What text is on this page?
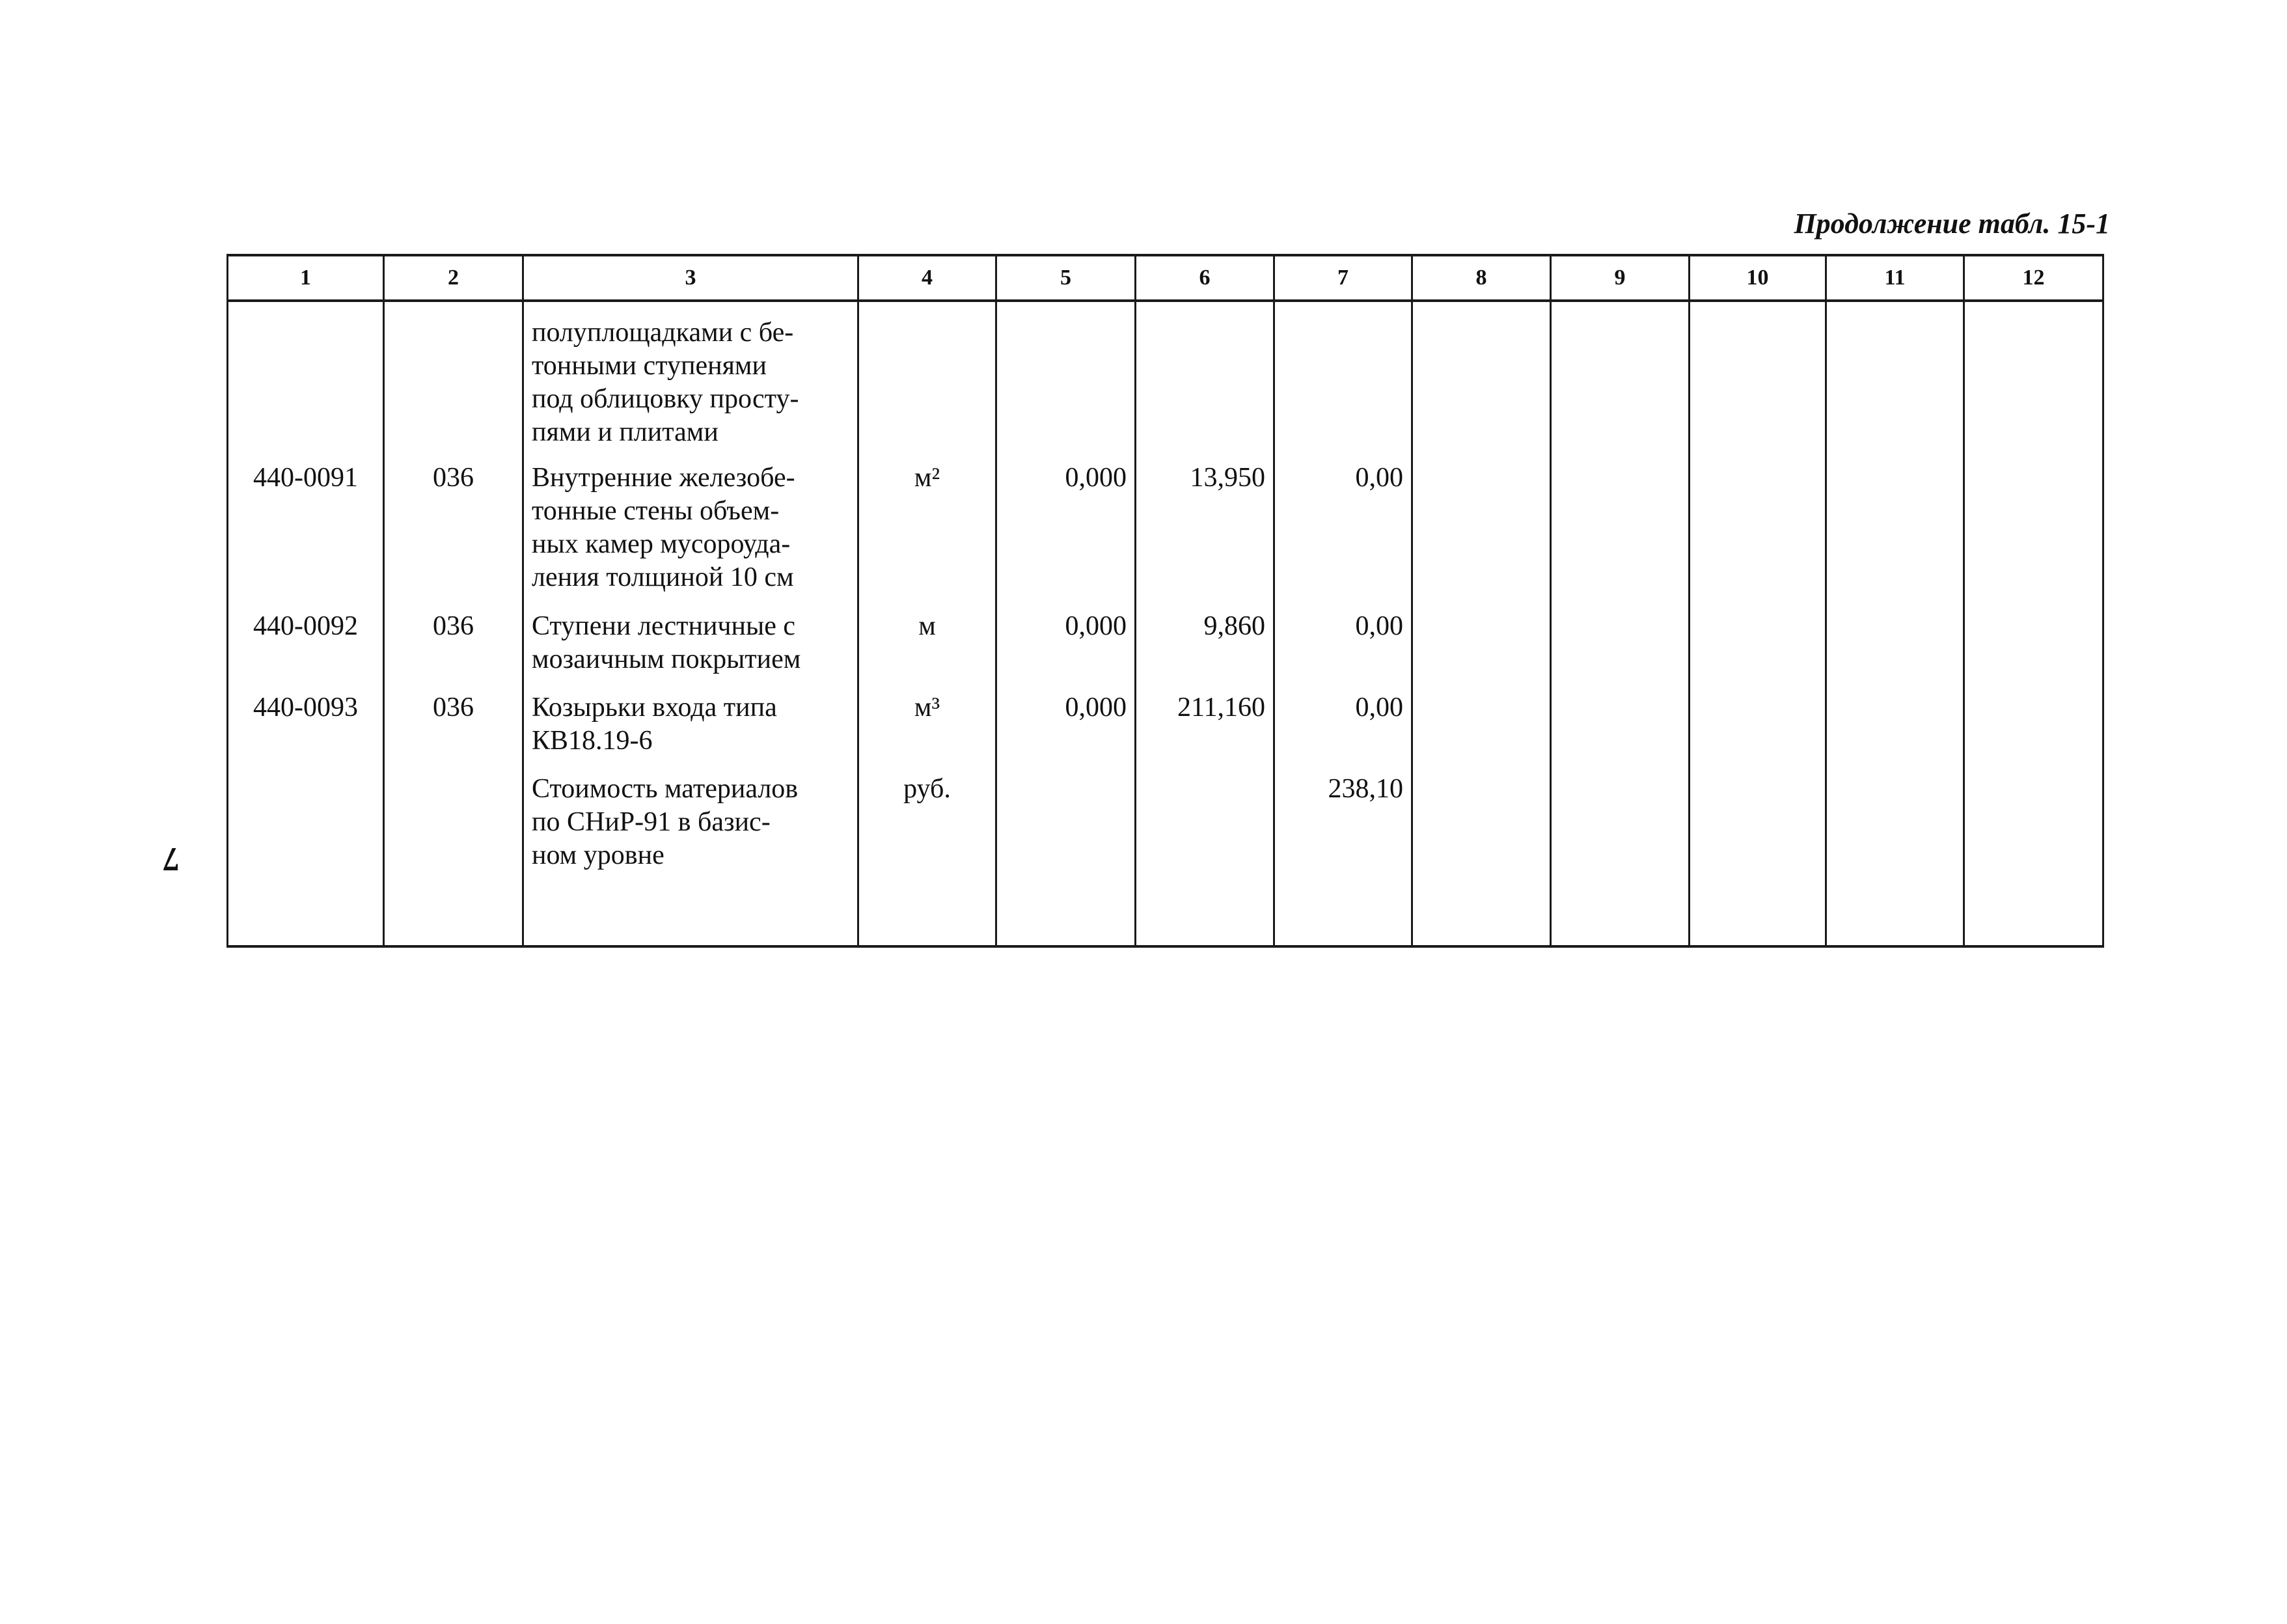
Продолжение табл. 15-1
7
1	2	3	4	5	6	7	8	9	10	11	12

		полуплощадками с бе-
тонными ступенями
под облицовку просту-
пями и плитами									

440-0091	036	Внутренние железобе-
тонные стены объем-
ных камер мусороуда-
ления толщиной 10 см	м²	0,000	13,950	0,00					
440-0092	036	Ступени лестничные с
мозаичным покрытием	м	0,000	9,860	0,00					
440-0093	036	Козырьки входа типа
КВ18.19-6	м³	0,000	211,160	0,00					

		Стоимость материалов
по СНиР-91 в базис-
ном уровне	руб.			238,10					
